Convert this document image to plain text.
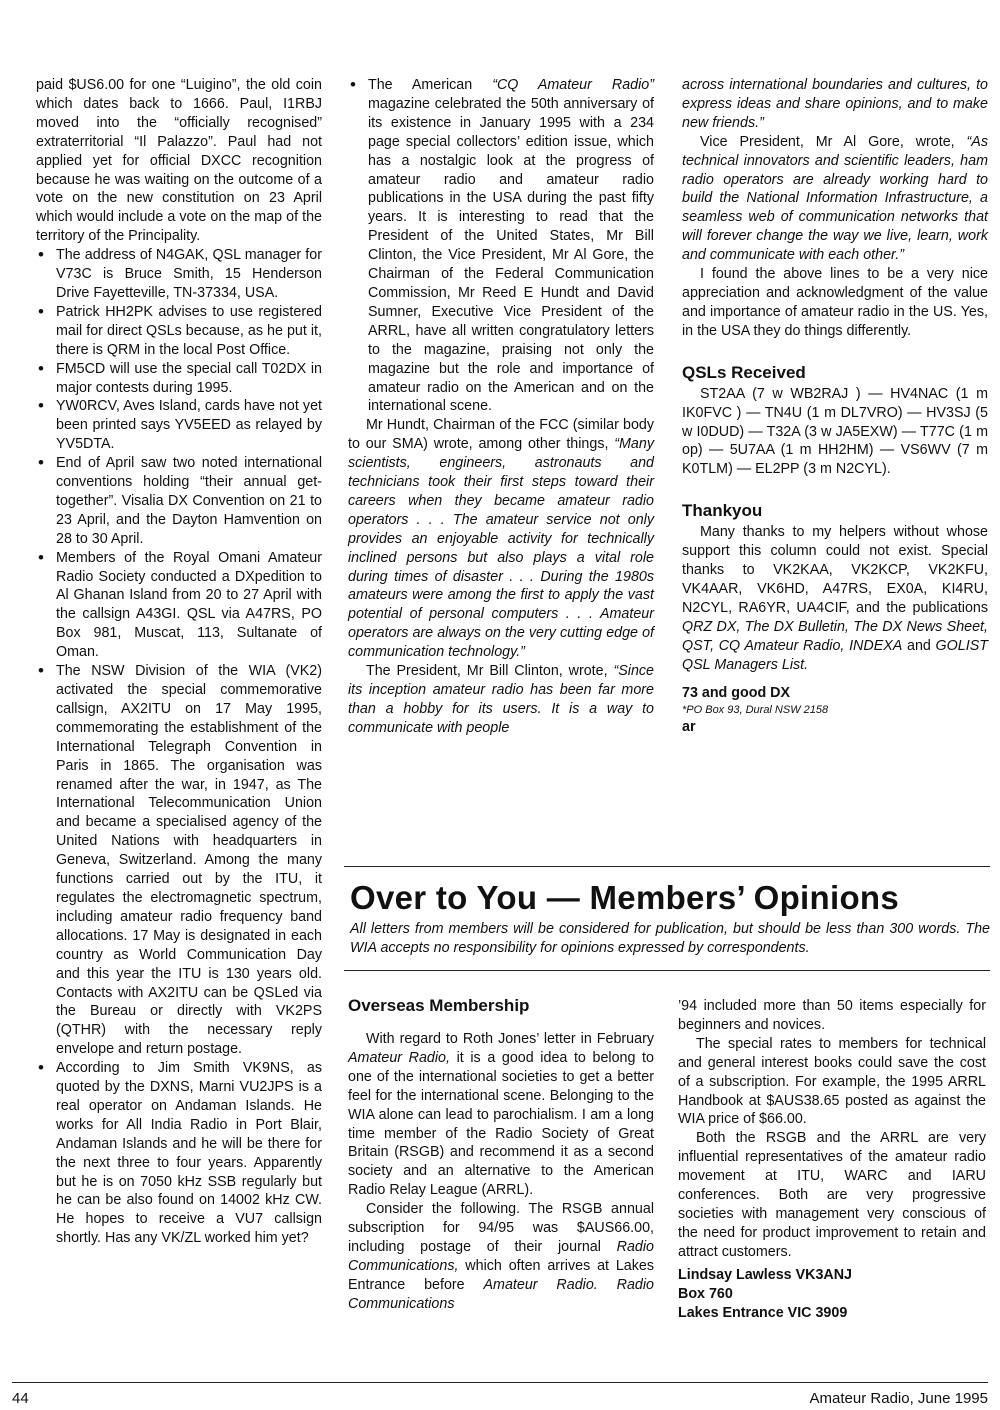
paid $US6.00 for one “Luigino”, the old coin which dates back to 1666. Paul, I1RBJ moved into the “officially recognised” extraterritorial “Il Palazzo”. Paul had not applied yet for official DXCC recognition because he was waiting on the outcome of a vote on the new constitution on 23 April which would include a vote on the map of the territory of the Principality.

• The address of N4GAK, QSL manager for V73C is Bruce Smith, 15 Henderson Drive Fayetteville, TN-37334, USA.
• Patrick HH2PK advises to use registered mail for direct QSLs because, as he put it, there is QRM in the local Post Office.
• FM5CD will use the special call T02DX in major contests during 1995.
• YW0RCV, Aves Island, cards have not yet been printed says YV5EED as relayed by YV5DTA.
• End of April saw two noted international conventions holding “their annual get-together”. Visalia DX Convention on 21 to 23 April, and the Dayton Hamvention on 28 to 30 April.
• Members of the Royal Omani Amateur Radio Society conducted a DXpedition to Al Ghanan Island from 20 to 27 April with the callsign A43GI. QSL via A47RS, PO Box 981, Muscat, 113, Sultanate of Oman.
• The NSW Division of the WIA (VK2) activated the special commemorative callsign, AX2ITU on 17 May 1995, commemorating the establishment of the International Telegraph Convention in Paris in 1865. The organisation was renamed after the war, in 1947, as The International Telecommunication Union and became a specialised agency of the United Nations with headquarters in Geneva, Switzerland. Among the many functions carried out by the ITU, it regulates the electromagnetic spectrum, including amateur radio frequency band allocations. 17 May is designated in each country as World Communication Day and this year the ITU is 130 years old. Contacts with AX2ITU can be QSLed via the Bureau or directly with VK2PS (QTHR) with the necessary reply envelope and return postage.
• According to Jim Smith VK9NS, as quoted by the DXNS, Marni VU2JPS is a real operator on Andaman Islands. He works for All India Radio in Port Blair, Andaman Islands and he will be there for the next three to four years. Apparently but he is on 7050 kHz SSB regularly but he can be also found on 14002 kHz CW. He hopes to receive a VU7 callsign shortly. Has any VK/ZL worked him yet?
• The American “CQ Amateur Radio” magazine celebrated the 50th anniversary of its existence in January 1995 with a 234 page special collectors’ edition issue, which has a nostalgic look at the progress of amateur radio and amateur radio publications in the USA during the past fifty years. It is interesting to read that the President of the United States, Mr Bill Clinton, the Vice President, Mr Al Gore, the Chairman of the Federal Communication Commission, Mr Reed E Hundt and David Sumner, Executive Vice President of the ARRL, have all written congratulatory letters to the magazine, praising not only the magazine but the role and importance of amateur radio on the American and on the international scene.

Mr Hundt, Chairman of the FCC (similar body to our SMA) wrote, among other things, “Many scientists, engineers, astronauts and technicians took their first steps toward their careers when they became amateur radio operators . . . The amateur service not only provides an enjoyable activity for technically inclined persons but also plays a vital role during times of disaster . . . During the 1980s amateurs were among the first to apply the vast potential of personal computers . . . Amateur operators are always on the very cutting edge of communication technology.”

The President, Mr Bill Clinton, wrote, “Since its inception amateur radio has been far more than a hobby for its users. It is a way to communicate with people

across international boundaries and cultures, to express ideas and share opinions, and to make new friends.”

Vice President, Mr Al Gore, wrote, “As technical innovators and scientific leaders, ham radio operators are already working hard to build the National Information Infrastructure, a seamless web of communication networks that will forever change the way we live, learn, work and communicate with each other.”

I found the above lines to be a very nice appreciation and acknowledgment of the value and importance of amateur radio in the US. Yes, in the USA they do things differently.

QSLs Received

ST2AA (7 w WB2RAJ ) — HV4NAC (1 m IK0FVC ) — TN4U (1 m DL7VRO) — HV3SJ (5 w I0DUD) — T32A (3 w JA5EXW) — T77C (1 m op) — 5U7AA (1 m HH2HM) — VS6WV (7 m K0TLM) — EL2PP (3 m N2CYL).

Thankyou

Many thanks to my helpers without whose support this column could not exist. Special thanks to VK2KAA, VK2KCP, VK2KFU, VK4AAR, VK6HD, A47RS, EX0A, KI4RU, N2CYL, RA6YR, UA4CIF, and the publications QRZ DX, The DX Bulletin, The DX News Sheet, QST, CQ Amateur Radio, INDEXA and GOLIST QSL Managers List.

73 and good DX

*PO Box 93, Dural NSW 2158

ar

Over to You — Members’ Opinions
All letters from members will be considered for publication, but should be less than 300 words. The WIA accepts no responsibility for opinions expressed by correspondents.
Overseas Membership

With regard to Roth Jones’ letter in February Amateur Radio, it is a good idea to belong to one of the international societies to get a better feel for the international scene. Belonging to the WIA alone can lead to parochialism. I am a long time member of the Radio Society of Great Britain (RSGB) and recommend it as a second society and an alternative to the American Radio Relay League (ARRL).

Consider the following. The RSGB annual subscription for 94/95 was $AUS66.00, including postage of their journal Radio Communications, which often arrives at Lakes Entrance before Amateur Radio. Radio Communications

’94 included more than 50 items especially for beginners and novices.

The special rates to members for technical and general interest books could save the cost of a subscription. For example, the 1995 ARRL Handbook at $AUS38.65 posted as against the WIA price of $66.00.

Both the RSGB and the ARRL are very influential representatives of the amateur radio movement at ITU, WARC and IARU conferences. Both are very progressive societies with management very conscious of the need for product improvement to retain and attract customers.

Lindsay Lawless VK3ANJ

Box 760

Lakes Entrance VIC 3909

44	Amateur Radio, June 1995
